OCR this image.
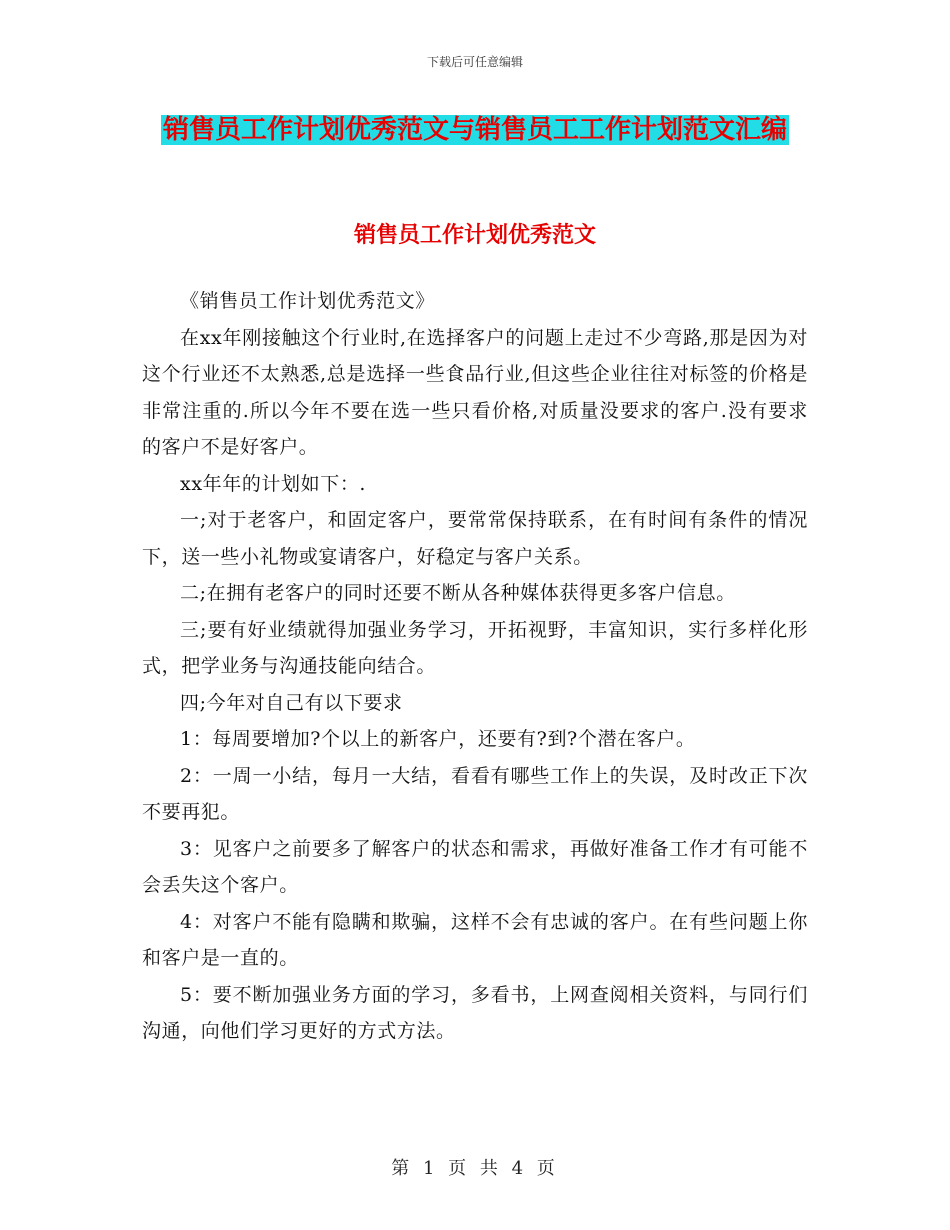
下载后可任意编辑
销售员工作计划优秀范文与销售员工工作计划范文汇编
销售员工作计划优秀范文

《销售员工作计划优秀范文》

在xx年刚接触这个行业时,在选择客户的问题上走过不少弯路,那是因为对这个行业还不太熟悉,总是选择一些食品行业,但这些企业往往对标签的价格是非常注重的.所以今年不要在选一些只看价格,对质量没要求的客户.没有要求的客户不是好客户。

xx年年的计划如下：.

一;对于老客户，和固定客户，要常常保持联系，在有时间有条件的情况下，送一些小礼物或宴请客户，好稳定与客户关系。

二;在拥有老客户的同时还要不断从各种媒体获得更多客户信息。

三;要有好业绩就得加强业务学习，开拓视野，丰富知识，实行多样化形式，把学业务与沟通技能向结合。

四;今年对自己有以下要求

1：每周要增加?个以上的新客户，还要有?到?个潜在客户。

2：一周一小结，每月一大结，看看有哪些工作上的失误，及时改正下次不要再犯。

3：见客户之前要多了解客户的状态和需求，再做好准备工作才有可能不会丢失这个客户。

4：对客户不能有隐瞒和欺骗，这样不会有忠诚的客户。在有些问题上你和客户是一直的。

5：要不断加强业务方面的学习，多看书，上网查阅相关资料，与同行们沟通，向他们学习更好的方式方法。

第 1 页 共 4 页
